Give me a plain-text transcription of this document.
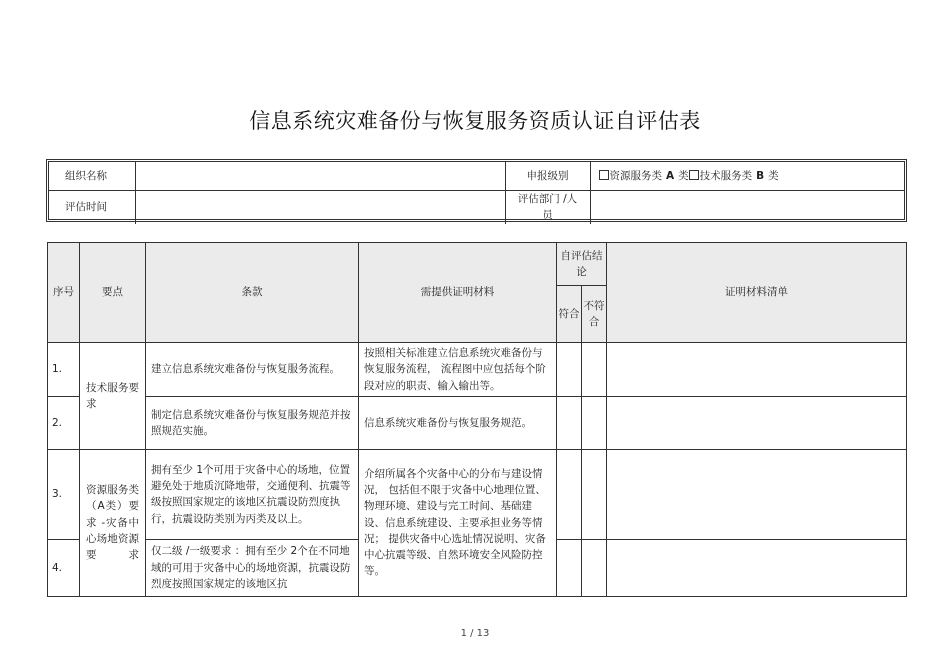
信息系统灾难备份与恢复服务资质认证自评估表
组织名称		申报级别	资源服务类 A 类 技术服务类 B 类
评估时间		评估部门 /人员	
序号	要点	条款	需提供证明材料	自评估结论		证明材料清单
				符合	不符合	
1.	技术服务要求	建立信息系统灾难备份与恢复服务流程。	按照相关标准建立信息系统灾难备份与恢复服务流程， 流程图中应包括每个阶段对应的职责、输入输出等。			
2.		制定信息系统灾难备份与恢复服务规范并按照规范实施。	信息系统灾难备份与恢复服务规范。			
3.	资源服务类（A类）要求 -灾备中心场地资源要求	拥有至少 1个可用于灾备中心的场地，位置避免处于地质沉降地带，交通便利、抗震等级按照国家规定的该地区抗震设防烈度执行，抗震设防类别为丙类及以上。	介绍所属各个灾备中心的分布与建设情况， 包括但不限于灾备中心地理位置、物理环境、建设与完工时间、基础建设、信息系统建设、主要承担业务等情况； 提供灾备中心选址情况说明、灾备中心抗震等级、自然环境安全风险防控等。			
4.		仅二级 /一级要求 ：拥有至少 2个在不同地域的可用于灾备中心的场地资源，抗震设防烈度按照国家规定的该地区抗				
1 / 13
